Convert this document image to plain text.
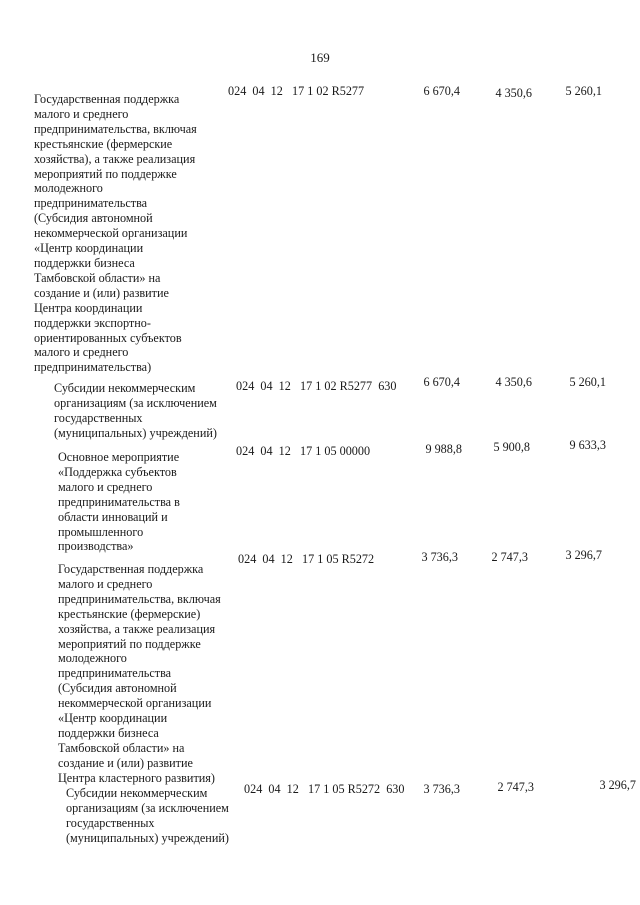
169
Государственная поддержка
малого и среднего
предпринимательства, включая
крестьянские (фермерские
хозяйства), а также реализация
мероприятий по поддержке
молодежного
предпринимательства
(Субсидия автономной
некоммерческой организации
«Центр координации
поддержки бизнеса
Тамбовской области» на
создание и (или) развитие
Центра координации
поддержки экспортно-
ориентированных субъектов
малого и среднего
предпринимательства)
024  04  12   17 1 02 R5277	6 670,4	4 350,6	5 260,1
Субсидии некоммерческим
организациям (за исключением
государственных
(муниципальных) учреждений)
024  04  12   17 1 02 R5277  630	6 670,4	4 350,6	5 260,1
Основное мероприятие
«Поддержка субъектов
малого и среднего
предпринимательства в
области инноваций и
промышленного
производства»
024  04  12   17 1 05 00000	9 988,8	5 900,8	9 633,3
Государственная поддержка
малого и среднего
предпринимательства, включая
крестьянские (фермерские)
хозяйства, а также реализация
мероприятий по поддержке
молодежного
предпринимательства
(Субсидия автономной
некоммерческой организации
«Центр координации
поддержки бизнеса
Тамбовской области» на
создание и (или) развитие
Центра кластерного развития)
024  04  12   17 1 05 R5272	3 736,3	2 747,3	3 296,7
Субсидии некоммерческим
организациям (за исключением
государственных
(муниципальных) учреждений)
024  04  12   17 1 05 R5272  630	3 736,3	2 747,3	3 296,7
